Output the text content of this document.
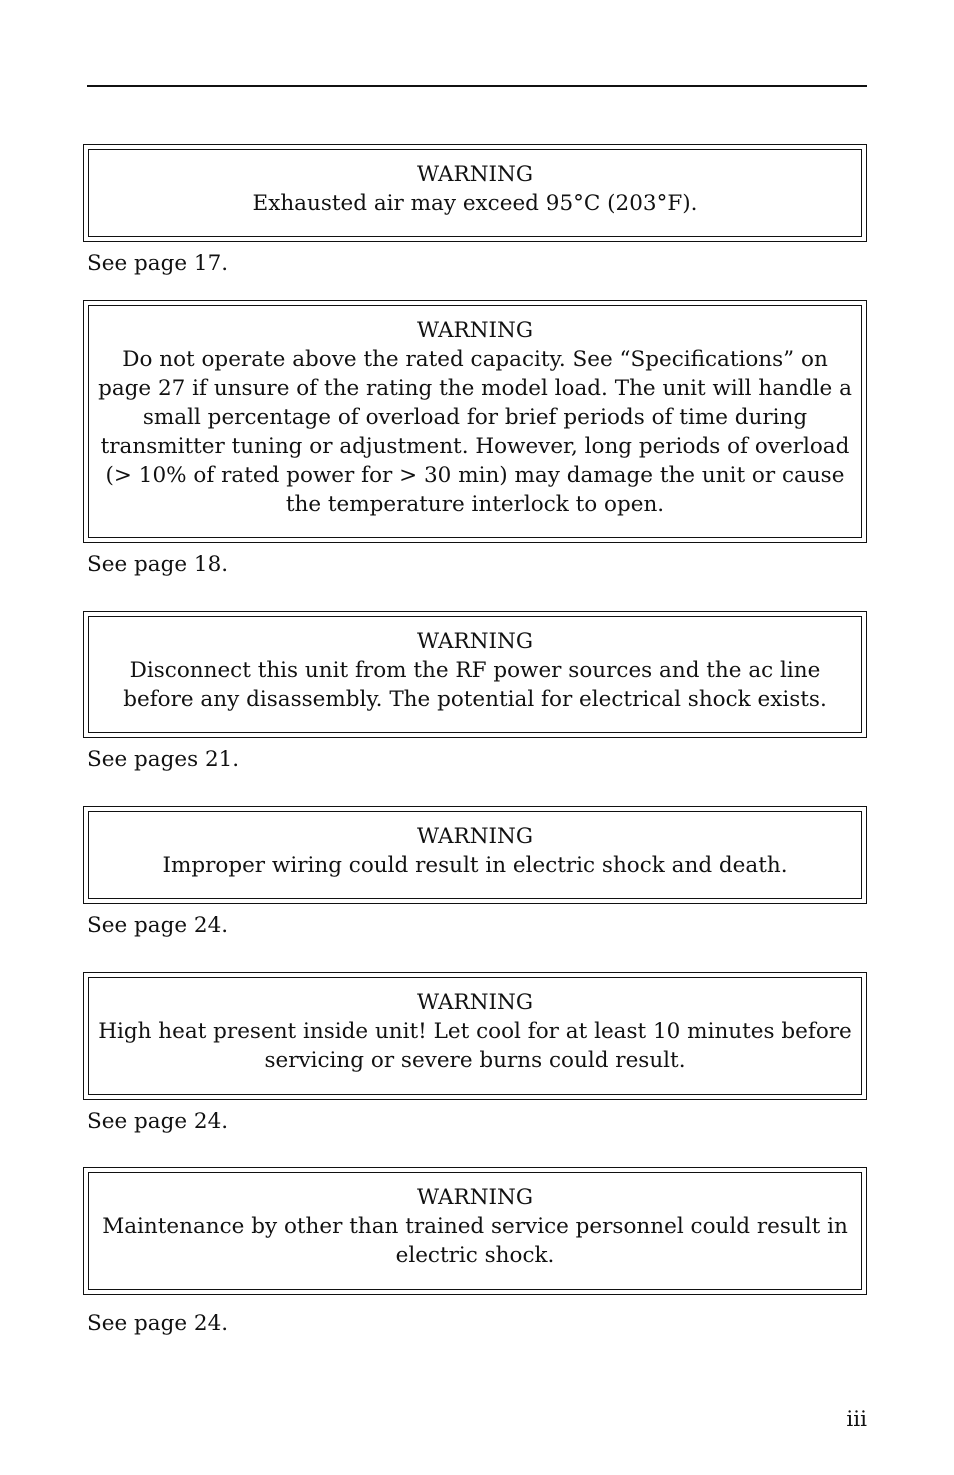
WARNING
Exhausted air may exceed 95°C (203°F).
See page 17.
WARNING
Do not operate above the rated capacity. See “Specifications” on page 27 if unsure of the rating the model load. The unit will handle a small percentage of overload for brief periods of time during transmitter tuning or adjustment. However, long periods of overload (> 10% of rated power for > 30 min) may damage the unit or cause the temperature interlock to open.
See page 18.
WARNING
Disconnect this unit from the RF power sources and the ac line before any disassembly. The potential for electrical shock exists.
See pages 21.
WARNING
Improper wiring could result in electric shock and death.
See page 24.
WARNING
High heat present inside unit! Let cool for at least 10 minutes before servicing or severe burns could result.
See page 24.
WARNING
Maintenance by other than trained service personnel could result in electric shock.
See page 24.
iii
